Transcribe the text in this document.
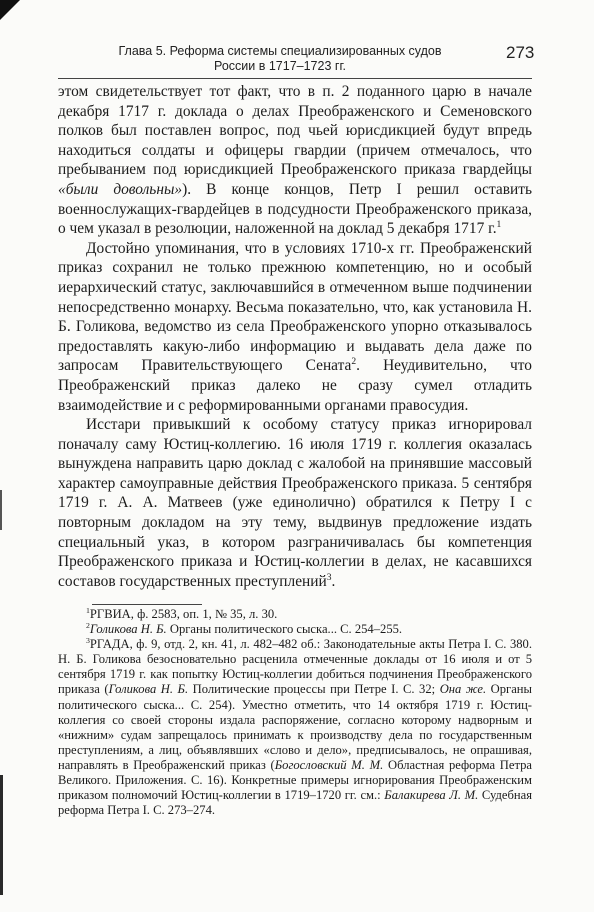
Глава 5. Реформа системы специализированных судов
России в 1717–1723 гг.
273

этом свидетельствует тот факт, что в п. 2 поданного царю в начале декабря 1717 г. доклада о делах Преображенского и Семеновского полков был поставлен вопрос, под чьей юрисдикцией будут впредь находиться солдаты и офицеры гвардии (причем отмечалось, что пребыванием под юрисдикцией Преображенского приказа гвардейцы «были довольны»). В конце концов, Петр I решил оставить военнослужащих-гвардейцев в подсудности Преображенского приказа, о чем указал в резолюции, наложенной на доклад 5 декабря 1717 г.$^1$

Достойно упоминания, что в условиях 1710-х гг. Преображенский приказ сохранил не только прежнюю компетенцию, но и особый иерархический статус, заключавшийся в отмеченном выше подчинении непосредственно монарху. Весьма показательно, что, как установила Н. Б. Голикова, ведомство из села Преображенского упорно отказывалось предоставлять какую-либо информацию и выдавать дела даже по запросам Правительствующего Сената$^2$. Неудивительно, что Преображенский приказ далеко не сразу сумел отладить взаимодействие и с реформированными органами правосудия.

Исстари привыкший к особому статусу приказ игнорировал поначалу саму Юстиц-коллегию. 16 июля 1719 г. коллегия оказалась вынуждена направить царю доклад с жалобой на принявшие массовый характер самоуправные действия Преображенского приказа. 5 сентября 1719 г. А. А. Матвеев (уже единолично) обратился к Петру I с повторным докладом на эту тему, выдвинув предложение издать специальный указ, в котором разграничивалась бы компетенция Преображенского приказа и Юстиц-коллегии в делах, не касавшихся составов государственных преступлений$^3$.

$^1$РГВИА, ф. 2583, оп. 1, № 35, л. 30.

$^2$Голикова Н. Б. Органы политического сыска... С. 254–255.

$^3$РГАДА, ф. 9, отд. 2, кн. 41, л. 482–482 об.: Законодательные акты Петра I. С. 380. Н. Б. Голикова безосновательно расценила отмеченные доклады от 16 июля и от 5 сентября 1719 г. как попытку Юстиц-коллегии добиться подчинения Преображенского приказа (Голикова Н. Б. Политические процессы при Петре I. С. 32; Она же. Органы политического сыска... С. 254). Уместно отметить, что 14 октября 1719 г. Юстиц-коллегия со своей стороны издала распоряжение, согласно которому надворным и «нижним» судам запрещалось принимать к производству дела по государственным преступлениям, а лиц, объявлявших «слово и дело», предписывалось, не опрашивая, направлять в Преображенский приказ (Богословский М. М. Областная реформа Петра Великого. Приложения. С. 16). Конкретные примеры игнорирования Преображенским приказом полномочий Юстиц-коллегии в 1719–1720 гг. см.: Балакирева Л. М. Судебная реформа Петра I. С. 273–274.
